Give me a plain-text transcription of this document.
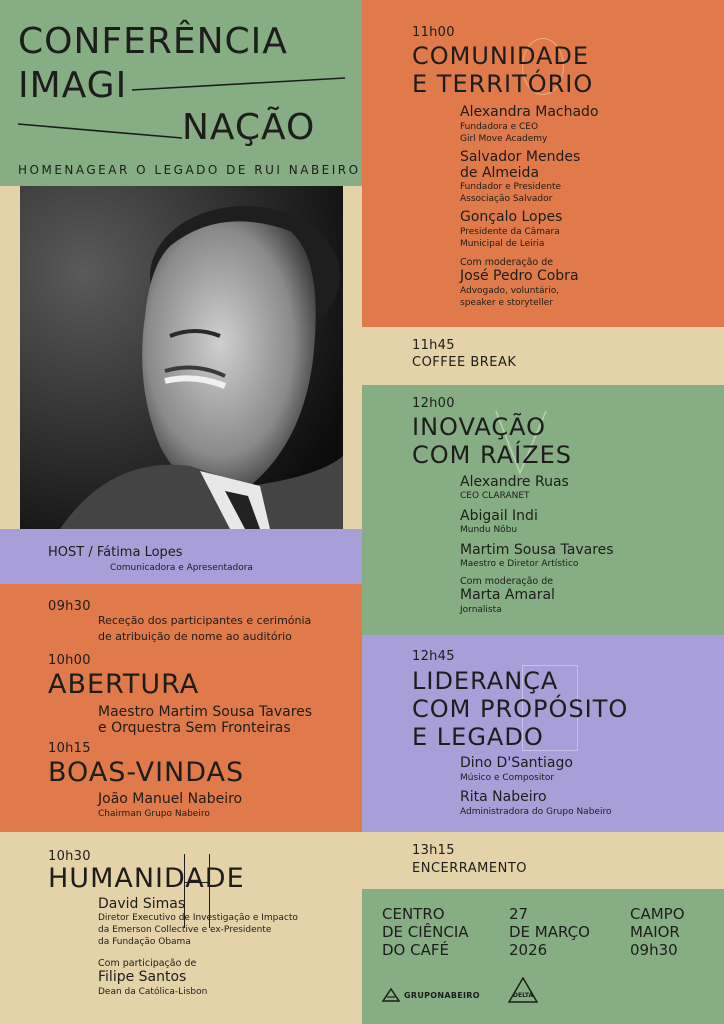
CONFERÊNCIA
IMAGI
NAÇÃO
HOMENAGEAR O LEGADO DE RUI NABEIRO
HOST / Fátima Lopes
Comunicadora e Apresentadora
09h30
Receção dos participantes e cerimónia
de atribuição de nome ao auditório
10h00
ABERTURA
Maestro Martim Sousa Tavares
e Orquestra Sem Fronteiras
10h15
BOAS-VINDAS
João Manuel Nabeiro
Chairman Grupo Nabeiro
10h30
HUMANIDADE
David Simas
Diretor Executivo de Investigação e Impacto
da Emerson Collective e ex-Presidente
da Fundação Obama
Com participação de
Filipe Santos
Dean da Católica-Lisbon
11h00
COMUNIDADE
E TERRITÓRIO
Alexandra Machado
Fundadora e CEO
Girl Move Academy
Salvador Mendes
de Almeida
Fundador e Presidente
Associação Salvador
Gonçalo Lopes
Presidente da Câmara
Municipal de Leiria
Com moderação de
José Pedro Cobra
Advogado, voluntário,
speaker e storyteller
11h45
COFFEE BREAK
12h00
INOVAÇÃO
COM RAÍZES
Alexandre Ruas
CEO CLARANET
Abigail Indi
Mundu Nôbu
Martim Sousa Tavares
Maestro e Diretor Artístico
Com moderação de
Marta Amaral
Jornalista
12h45
LIDERANÇA
COM PROPÓSITO
E LEGADO
Dino D'Santiago
Músico e Compositor
Rita Nabeiro
Administradora do Grupo Nabeiro
13h15
ENCERRAMENTO
CENTRO
DE CIÊNCIA
DO CAFÉ
27
DE MARÇO
2026
CAMPO
MAIOR
09h30
GRUPONABEIRO	DELTA
